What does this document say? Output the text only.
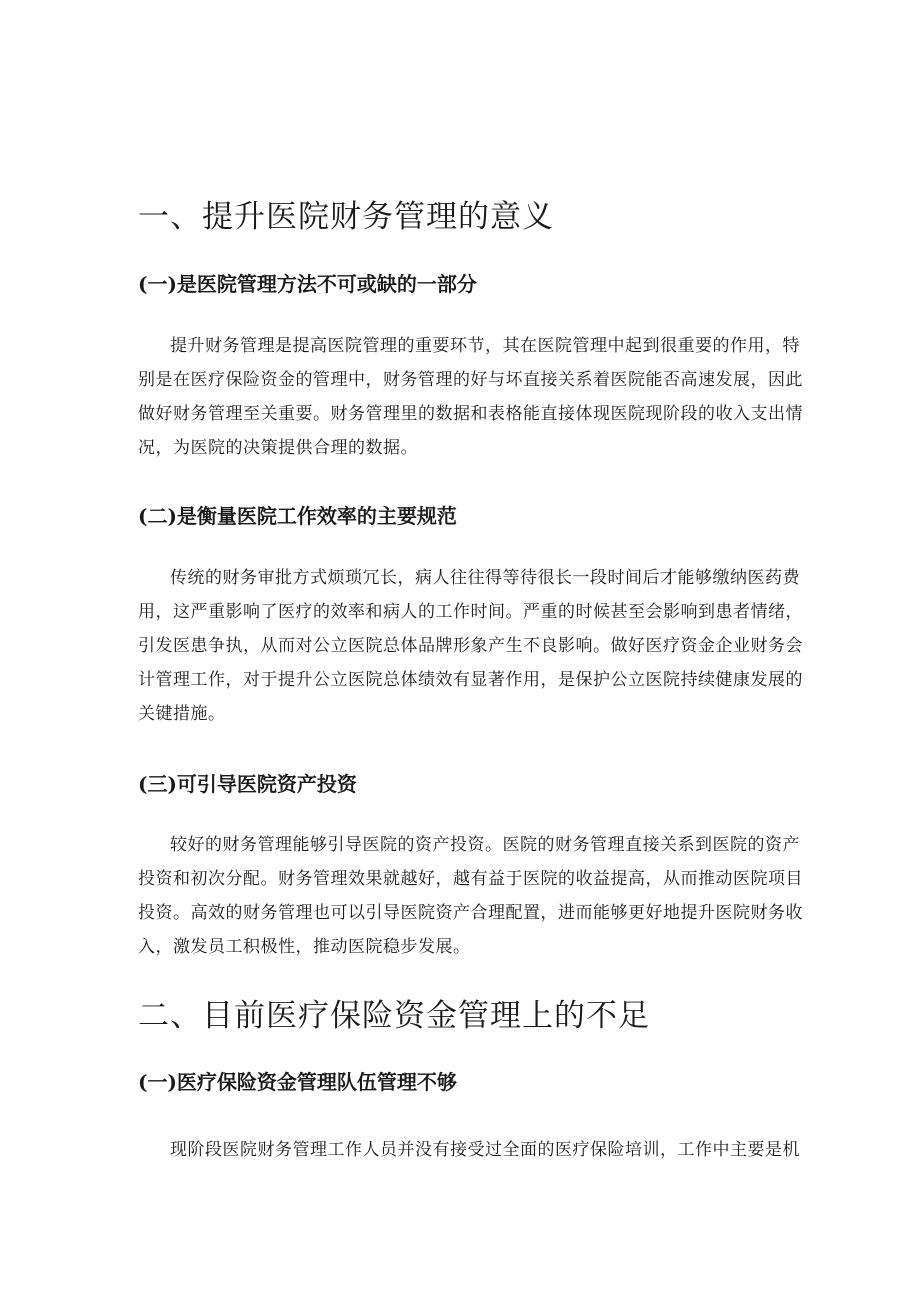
一、提升医院财务管理的意义
(一)是医院管理方法不可或缺的一部分
提升财务管理是提高医院管理的重要环节，其在医院管理中起到很重要的作用，特
别是在医疗保险资金的管理中，财务管理的好与坏直接关系着医院能否高速发展，因此
做好财务管理至关重要。财务管理里的数据和表格能直接体现医院现阶段的收入支出情
况，为医院的决策提供合理的数据。
(二)是衡量医院工作效率的主要规范
传统的财务审批方式烦琐冗长，病人往往得等待很长一段时间后才能够缴纳医药费
用，这严重影响了医疗的效率和病人的工作时间。严重的时候甚至会影响到患者情绪，
引发医患争执，从而对公立医院总体品牌形象产生不良影响。做好医疗资金企业财务会
计管理工作，对于提升公立医院总体绩效有显著作用，是保护公立医院持续健康发展的
关键措施。
(三)可引导医院资产投资
较好的财务管理能够引导医院的资产投资。医院的财务管理直接关系到医院的资产
投资和初次分配。财务管理效果就越好，越有益于医院的收益提高，从而推动医院项目
投资。高效的财务管理也可以引导医院资产合理配置，进而能够更好地提升医院财务收
入，激发员工积极性，推动医院稳步发展。
二、目前医疗保险资金管理上的不足
(一)医疗保险资金管理队伍管理不够
现阶段医院财务管理工作人员并没有接受过全面的医疗保险培训，工作中主要是机
